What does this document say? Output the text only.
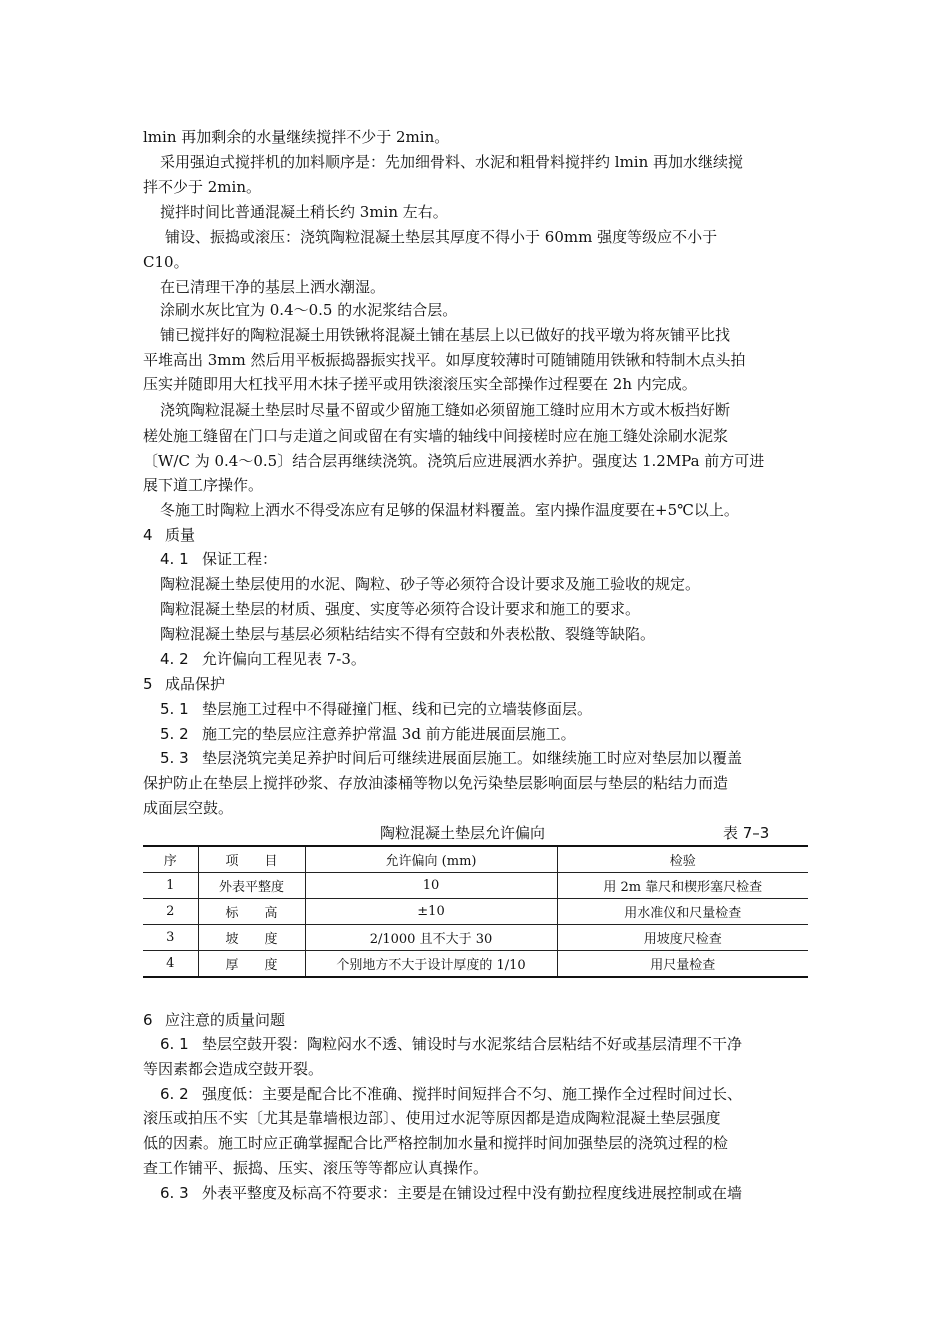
lmin 再加剩余的水量继续搅拌不少于 2min。
采用强迫式搅拌机的加料顺序是：先加细骨料、水泥和粗骨料搅拌约 lmin 再加水继续搅
拌不少于 2min。
搅拌时间比普通混凝土稍长约 3min 左右。
铺设、振捣或滚压：浇筑陶粒混凝土垫层其厚度不得小于 60mm 强度等级应不小于
C10。
在已清理干净的基层上洒水潮湿。
涂刷水灰比宜为 0.4～0.5 的水泥浆结合层。
铺已搅拌好的陶粒混凝土用铁锹将混凝土铺在基层上以已做好的找平墩为将灰铺平比找
平堆高出 3mm 然后用平板振捣器振实找平。如厚度较薄时可随铺随用铁锹和特制木点头拍
压实并随即用大杠找平用木抹子搓平或用铁滚滚压实全部操作过程要在 2h 内完成。
浇筑陶粒混凝土垫层时尽量不留或少留施工缝如必须留施工缝时应用木方或木板挡好断
槎处施工缝留在门口与走道之间或留在有实墙的轴线中间接槎时应在施工缝处涂刷水泥浆
〔W/C 为 0.4～0.5〕结合层再继续浇筑。浇筑后应进展洒水养护。强度达 1.2MPa 前方可进
展下道工序操作。
冬施工时陶粒上洒水不得受冻应有足够的保温材料覆盖。室内操作温度要在+5℃以上。
4 质量
4. 1 保证工程：
陶粒混凝土垫层使用的水泥、陶粒、砂子等必须符合设计要求及施工验收的规定。
陶粒混凝土垫层的材质、强度、实度等必须符合设计要求和施工的要求。
陶粒混凝土垫层与基层必须粘结结实不得有空鼓和外表松散、裂缝等缺陷。
4. 2 允许偏向工程见表 7-3。
5 成品保护
5. 1 垫层施工过程中不得碰撞门框、线和已完的立墙装修面层。
5. 2 施工完的垫层应注意养护常温 3d 前方能进展面层施工。
5. 3 垫层浇筑完美足养护时间后可继续进展面层施工。如继续施工时应对垫层加以覆盖
保护防止在垫层上搅拌砂浆、存放油漆桶等物以免污染垫层影响面层与垫层的粘结力而造
成面层空鼓。
陶粒混凝土垫层允许偏向	表 7–3
序	项　　目	允许偏向 (mm)	检验
1	外表平整度	10	用 2m 靠尺和楔形塞尺检查
2	标　　高	±10	用水准仪和尺量检查
3	坡　　度	2/1000 且不大于 30	用坡度尺检查
4	厚　　度	个别地方不大于设计厚度的 1/10	用尺量检查
6 应注意的质量问题
6. 1 垫层空鼓开裂：陶粒闷水不透、铺设时与水泥浆结合层粘结不好或基层清理不干净
等因素都会造成空鼓开裂。
6. 2 强度低：主要是配合比不准确、搅拌时间短拌合不匀、施工操作全过程时间过长、
滚压或拍压不实〔尤其是靠墙根边部〕、使用过水泥等原因都是造成陶粒混凝土垫层强度
低的因素。施工时应正确掌握配合比严格控制加水量和搅拌时间加强垫层的浇筑过程的检
查工作铺平、振捣、压实、滚压等等都应认真操作。
6. 3 外表平整度及标高不符要求：主要是在铺设过程中没有勤拉程度线进展控制或在墙
